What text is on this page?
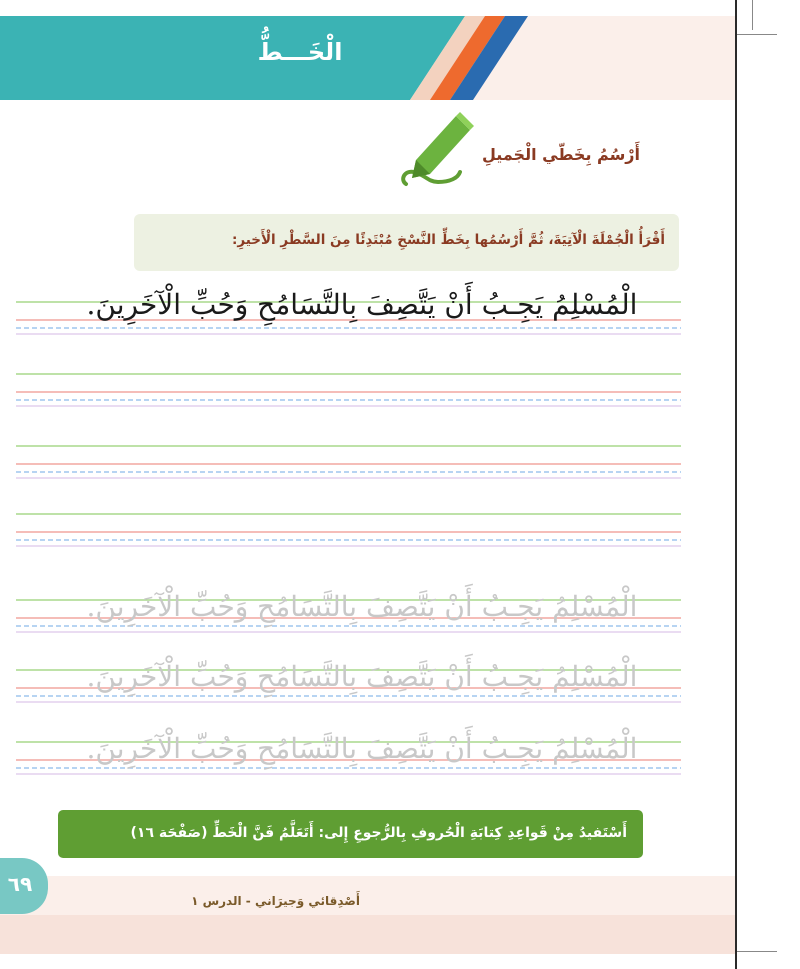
الْخَـــطُّ
أَرْسُمُ بِخَطّي الْجَميلِ
أَقْرَأُ الْجُمْلَةَ الْآتِيَةَ، ثُمَّ أَرْسُمُها بِخَطِّ النَّسْخِ مُبْتَدِئًا مِنَ السَّطْرِ الْأَخيرِ:
الْمُسْلِمُ يَجِـبُ أَنْ يَتَّصِفَ بِالتَّسَامُحِ وَحُبِّ الْآخَرِينَ.
الْمُسْلِمُ يَجِـبُ أَنْ يَتَّصِفَ بِالتَّسَامُحِ وَحُبِّ الْآخَرِينَ.
الْمُسْلِمُ يَجِـبُ أَنْ يَتَّصِفَ بِالتَّسَامُحِ وَحُبِّ الْآخَرِينَ.
الْمُسْلِمُ يَجِـبُ أَنْ يَتَّصِفَ بِالتَّسَامُحِ وَحُبِّ الْآخَرِينَ.
أَسْتَفيدُ مِنْ قَواعِدِ كِتابَةِ الْحُروفِ بِالرُّجوعِ إِلى: أَتَعَلَّمُ فَنَّ الْخَطِّ (صَفْحَة ١٦)
٦٩
أَصْدِقائي وَجيرَاني - الدرس ١
